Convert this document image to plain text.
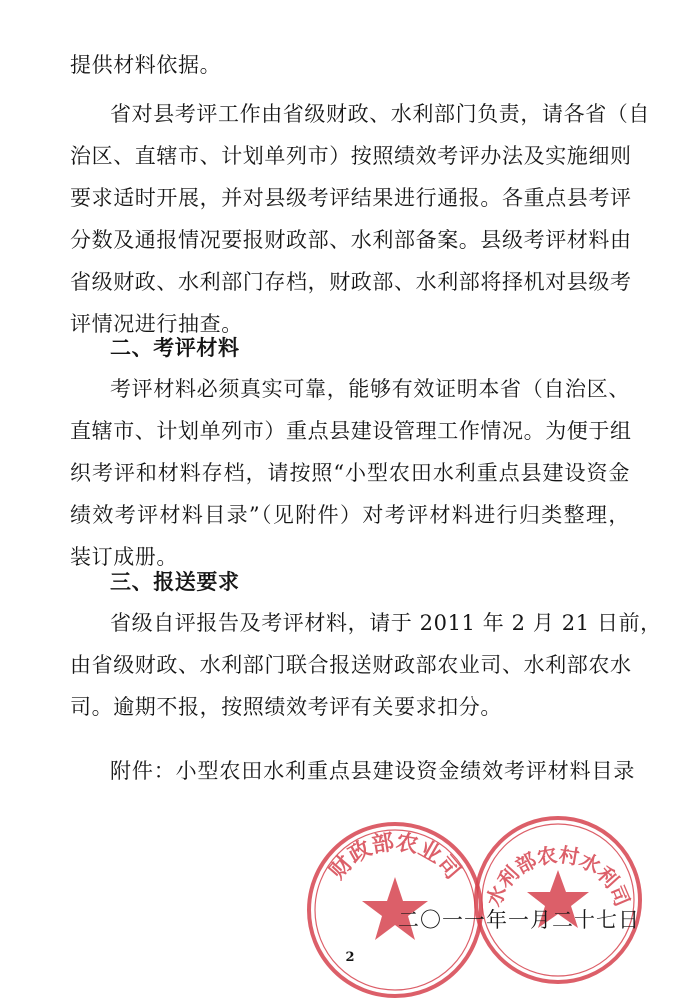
提供材料依据。
省对县考评工作由省级财政、水利部门负责，请各省（自
治区、直辖市、计划单列市）按照绩效考评办法及实施细则
要求适时开展，并对县级考评结果进行通报。各重点县考评
分数及通报情况要报财政部、水利部备案。县级考评材料由
省级财政、水利部门存档，财政部、水利部将择机对县级考
评情况进行抽查。
二、考评材料
考评材料必须真实可靠，能够有效证明本省（自治区、
直辖市、计划单列市）重点县建设管理工作情况。为便于组
织考评和材料存档，请按照“小型农田水利重点县建设资金
绩效考评材料目录”（见附件）对考评材料进行归类整理，
装订成册。
三、报送要求
省级自评报告及考评材料，请于 2011 年 2 月 21 日前，
由省级财政、水利部门联合报送财政部农业司、水利部农水
司。逾期不报，按照绩效考评有关要求扣分。
附件：小型农田水利重点县建设资金绩效考评材料目录
财政部农业司
水利部农村水利司
二〇一一年一月二十七日
2
